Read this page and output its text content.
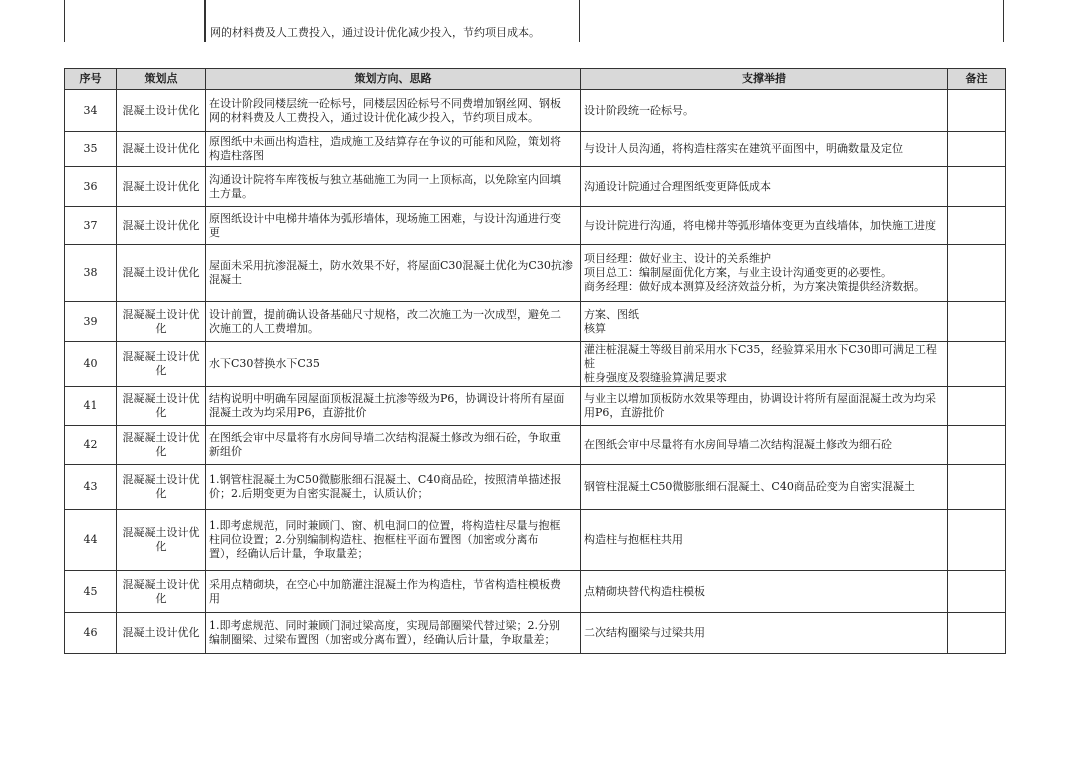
网的材料费及人工费投入，通过设计优化减少投入，节约项目成本。
序号	策划点	策划方向、思路	支撑举措	备注
34	混凝土设计优化	在设计阶段同楼层统一砼标号，同楼层因砼标号不同费增加钢丝网、钢板
网的材料费及人工费投入，通过设计优化减少投入，节约项目成本。	设计阶段统一砼标号。	

35	混凝土设计优化	原图纸中未画出构造柱，造成施工及结算存在争议的可能和风险，策划将
构造柱落图	与设计人员沟通，将构造柱落实在建筑平面图中，明确数量及定位	

36	混凝土设计优化	沟通设计院将车库筏板与独立基础施工为同一上顶标高，以免除室内回填
土方量。	沟通设计院通过合理图纸变更降低成本	

37	混凝土设计优化	原图纸设计中电梯井墙体为弧形墙体，现场施工困难，与设计沟通进行变
更	与设计院进行沟通，将电梯井等弧形墙体变更为直线墙体，加快施工进度	

38	混凝土设计优化	屋面未采用抗渗混凝土，防水效果不好，将屋面C30混凝土优化为C30抗渗
混凝土	项目经理：做好业主、设计的关系维护
项目总工：编制屋面优化方案，与业主设计沟通变更的必要性。
商务经理：做好成本测算及经济效益分析，为方案决策提供经济数据。	

39	混凝凝土设计优化	设计前置，提前确认设备基础尺寸规格，改二次施工为一次成型，避免二
次施工的人工费增加。	方案、图纸
核算	

40	混凝凝土设计优化	水下C30替换水下C35	灌注桩混凝土等级目前采用水下C35，经验算采用水下C30即可满足工程桩
桩身强度及裂缝验算满足要求	

41	混凝凝土设计优化	结构说明中明确车园屋面顶板混凝土抗渗等级为P6，协调设计将所有屋面
混凝土改为均采用P6，直游批价	与业主以增加顶板防水效果等理由，协调设计将所有屋面混凝土改为均采
用P6，直游批价	

42	混凝凝土设计优化	在图纸会审中尽量将有水房间导墙二次结构混凝土修改为细石砼，争取重
新组价	在图纸会审中尽量将有水房间导墙二次结构混凝土修改为细石砼	

43	混凝凝土设计优化	1.钢管柱混凝土为C50微膨胀细石混凝土、C40商品砼，按照清单描述报
价；2.后期变更为自密实混凝土，认质认价；	钢管柱混凝土C50微膨胀细石混凝土、C40商品砼变为自密实混凝土	

44	混凝凝土设计优化	1.即考虑规范，同时兼顾门、窗、机电洞口的位置，将构造柱尽量与抱框
柱同位设置；2.分别编制构造柱、抱框柱平面布置图（加密或分离布
置），经确认后计量，争取量差；	构造柱与抱框柱共用	

45	混凝凝土设计优化	采用点精砌块，在空心中加筋灌注混凝土作为构造柱，节省构造柱模板费
用	点精砌块替代构造柱模板	

46	混凝土设计优化	1.即考虑规范、同时兼顾门洞过梁高度，实现局部圈梁代替过梁；2.分别
编制圈梁、过梁布置图（加密或分离布置），经确认后计量，争取量差；	二次结构圈梁与过梁共用	
